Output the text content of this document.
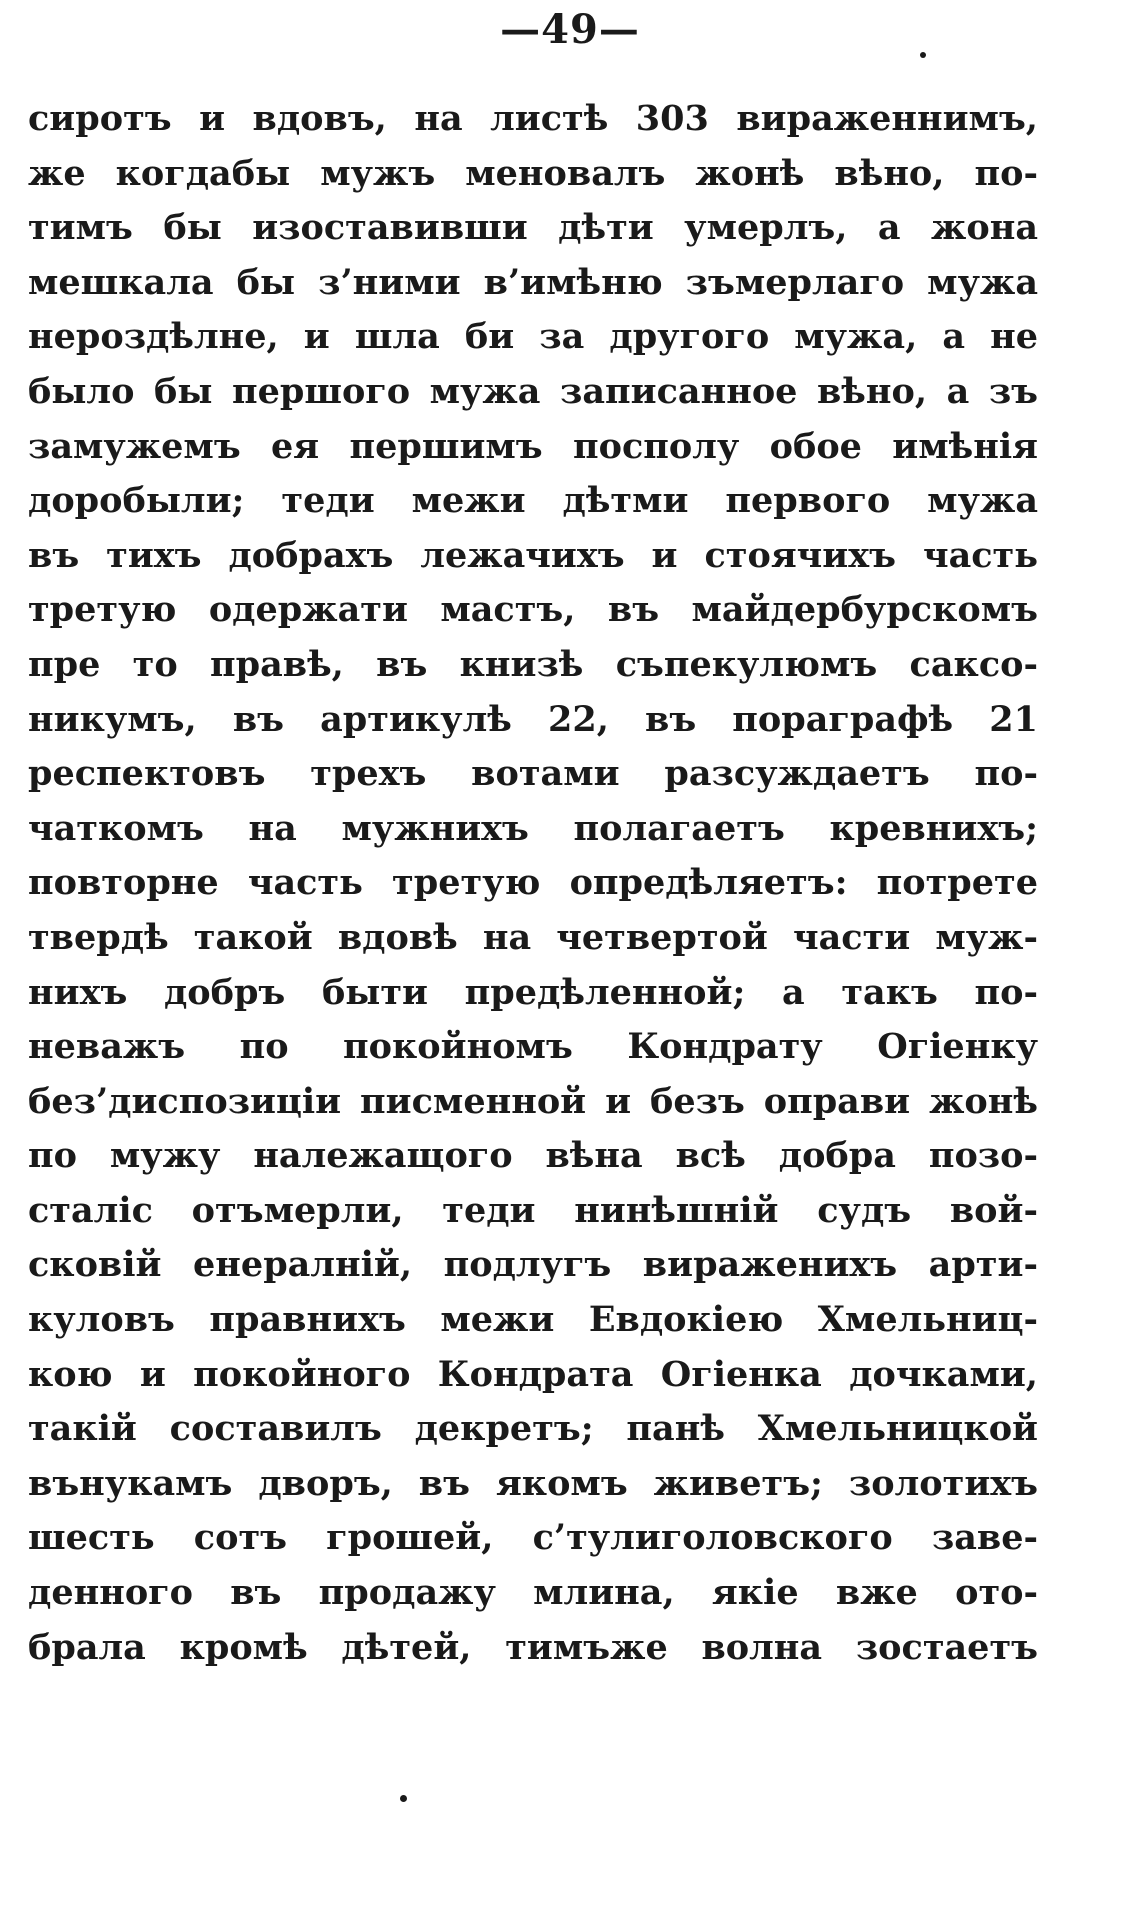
—49—
сиротъ и вдовъ, на листѣ 303 вираженнимъ,
же когдабы мужъ меновалъ жонѣ вѣно, по-
тимъ бы изоставивши дѣти умерлъ, а жона
мешкала бы з’ними в’имѣню зъмерлаго мужа
нероздѣлне, и шла би за другого мужа, а не
было бы першого мужа записанное вѣно, а зъ
замужемъ ея першимъ посполу обое имѣнія
доробыли; теди межи дѣтми первого мужа
въ тихъ добрахъ лежачихъ и стоячихъ часть
третую одержати мастъ, въ майдербурскомъ
пре то правѣ, въ книзѣ съпекулюмъ саксо-
никумъ, въ артикулѣ 22, въ пораграфѣ 21
респектовъ трехъ вотами разсуждаетъ по-
чаткомъ на мужнихъ полагаетъ кревнихъ;
повторне часть третую опредѣляетъ: потрете
твердѣ такой вдовѣ на четвертой части муж-
нихъ добръ быти предѣленной; а такъ по-
неважъ по покойномъ Кондрату Огіенку
без’диспозиціи писменной и безъ оправи жонѣ
по мужу належащого вѣна всѣ добра позо-
сталіс отъмерли, теди нинѣшній судъ вой-
сковій енералній, подлугъ вираженихъ арти-
куловъ правнихъ межи Евдокіею Хмельниц-
кою и покойного Кондрата Огіенка дочками,
такій составилъ декретъ; панѣ Хмельницкой
вънукамъ дворъ, въ якомъ живетъ; золотихъ
шесть сотъ грошей, с’тулиголовского заве-
денного въ продажу млина, якіе вже ото-
брала кромѣ дѣтей, тимъже волна зостаетъ
